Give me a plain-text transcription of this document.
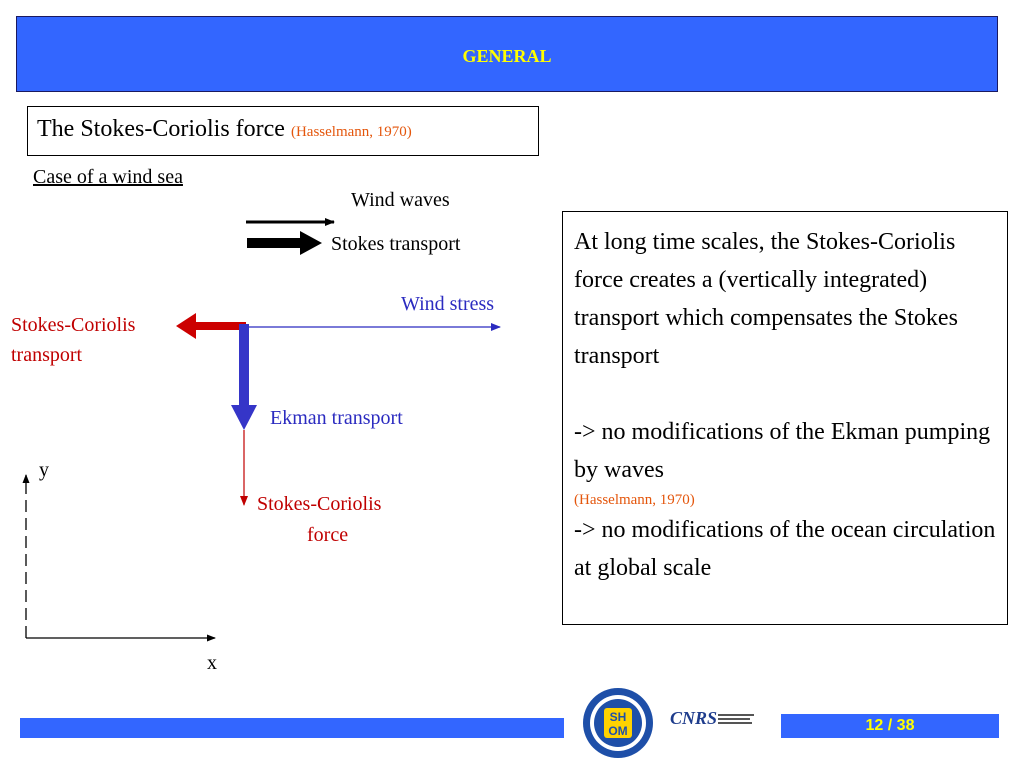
GENERAL
The Stokes-Coriolis force (Hasselmann, 1970)
Case of a wind sea
Wind waves
Stokes transport
Wind stress
Stokes-Coriolis
transport
Ekman transport
Stokes-Coriolis
force
y
x
At long time scales, the Stokes-Coriolis force creates a (vertically integrated) transport which compensates the Stokes transport
-> no modifications of the Ekman pumping by waves
(Hasselmann, 1970)
-> no modifications of the ocean circulation at global scale
SH
OM
CNRS	12 / 38
